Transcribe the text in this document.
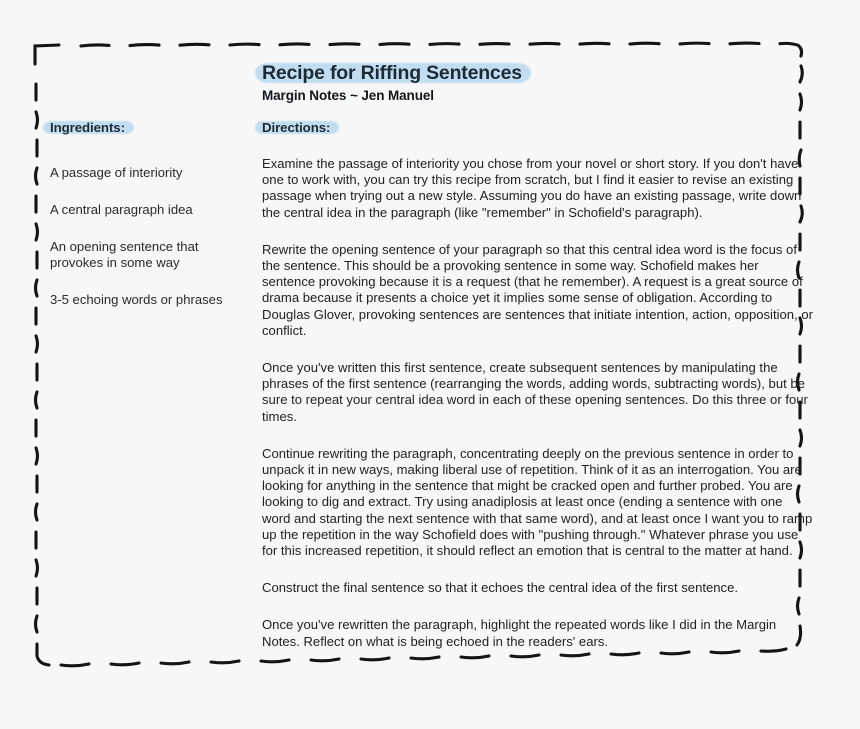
Recipe for Riffing Sentences
Margin Notes ~ Jen Manuel
Ingredients:
A passage of interiority
A central paragraph idea
An opening sentence that provokes in some way
3-5 echoing words or phrases
Directions:

Examine the passage of interiority you chose from your novel or short story. If you don't have one to work with, you can try this recipe from scratch, but I find it easier to revise an existing passage when trying out a new style. Assuming you do have an existing passage, write down the central idea in the paragraph (like "remember" in Schofield's paragraph).

Rewrite the opening sentence of your paragraph so that this central idea word is the focus of the sentence. This should be a provoking sentence in some way. Schofield makes her sentence provoking because it is a request (that he remember). A request is a great source of drama because it presents a choice yet it implies some sense of obligation. According to Douglas Glover, provoking sentences are sentences that initiate intention, action, opposition, or conflict.

Once you've written this first sentence, create subsequent sentences by manipulating the phrases of the first sentence (rearranging the words, adding words, subtracting words), but be sure to repeat your central idea word in each of these opening sentences. Do this three or four times.

Continue rewriting the paragraph, concentrating deeply on the previous sentence in order to unpack it in new ways, making liberal use of repetition. Think of it as an interrogation. You are looking for anything in the sentence that might be cracked open and further probed. You are looking to dig and extract. Try using anadiplosis at least once (ending a sentence with one word and starting the next sentence with that same word), and at least once I want you to ramp up the repetition in the way Schofield does with "pushing through." Whatever phrase you use for this increased repetition, it should reflect an emotion that is central to the matter at hand.

Construct the final sentence so that it echoes the central idea of the first sentence.

Once you've rewritten the paragraph, highlight the repeated words like I did in the Margin Notes. Reflect on what is being echoed in the readers' ears.
